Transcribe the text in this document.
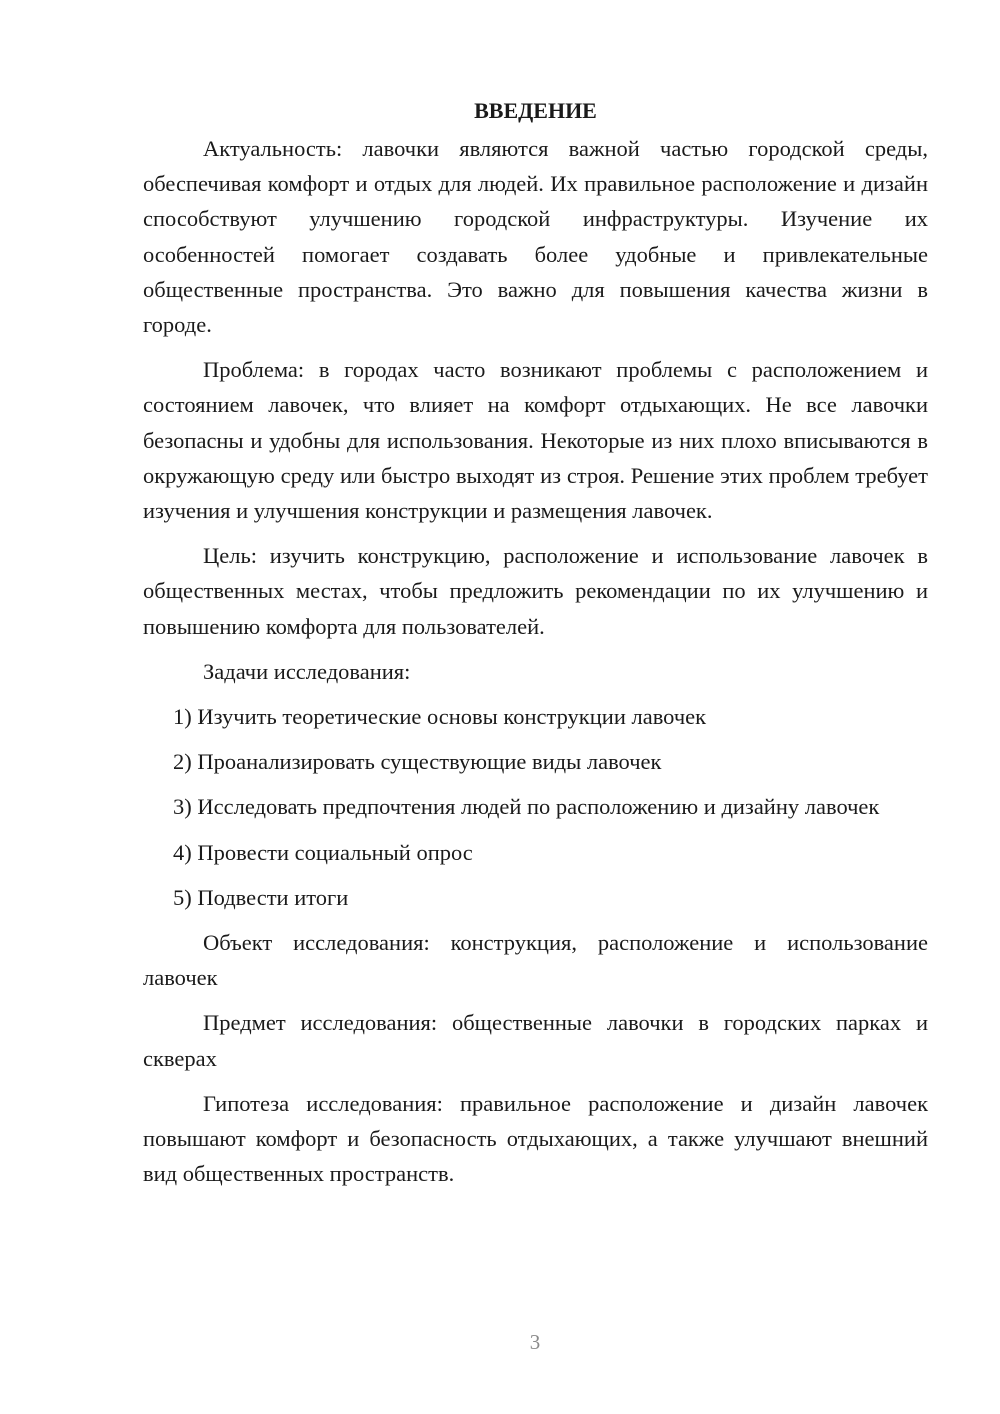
ВВЕДЕНИЕ

Актуальность: лавочки являются важной частью городской среды, обеспечивая комфорт и отдых для людей. Их правильное расположение и дизайн способствуют улучшению городской инфраструктуры. Изучение их особенностей помогает создавать более удобные и привлекательные общественные пространства. Это важно для повышения качества жизни в городе.

Проблема: в городах часто возникают проблемы с расположением и состоянием лавочек, что влияет на комфорт отдыхающих. Не все лавочки безопасны и удобны для использования. Некоторые из них плохо вписываются в окружающую среду или быстро выходят из строя. Решение этих проблем требует изучения и улучшения конструкции и размещения лавочек.

Цель: изучить конструкцию, расположение и использование лавочек в общественных местах, чтобы предложить рекомендации по их улучшению и повышению комфорта для пользователей.

Задачи исследования:

1) Изучить теоретические основы конструкции лавочек

2) Проанализировать существующие виды лавочек

3) Исследовать предпочтения людей по расположению и дизайну лавочек

4) Провести социальный опрос

5) Подвести итоги

Объект исследования: конструкция, расположение и использование лавочек

Предмет исследования: общественные лавочки в городских парках и скверах

Гипотеза исследования: правильное расположение и дизайн лавочек повышают комфорт и безопасность отдыхающих, а также улучшают внешний вид общественных пространств.

3
